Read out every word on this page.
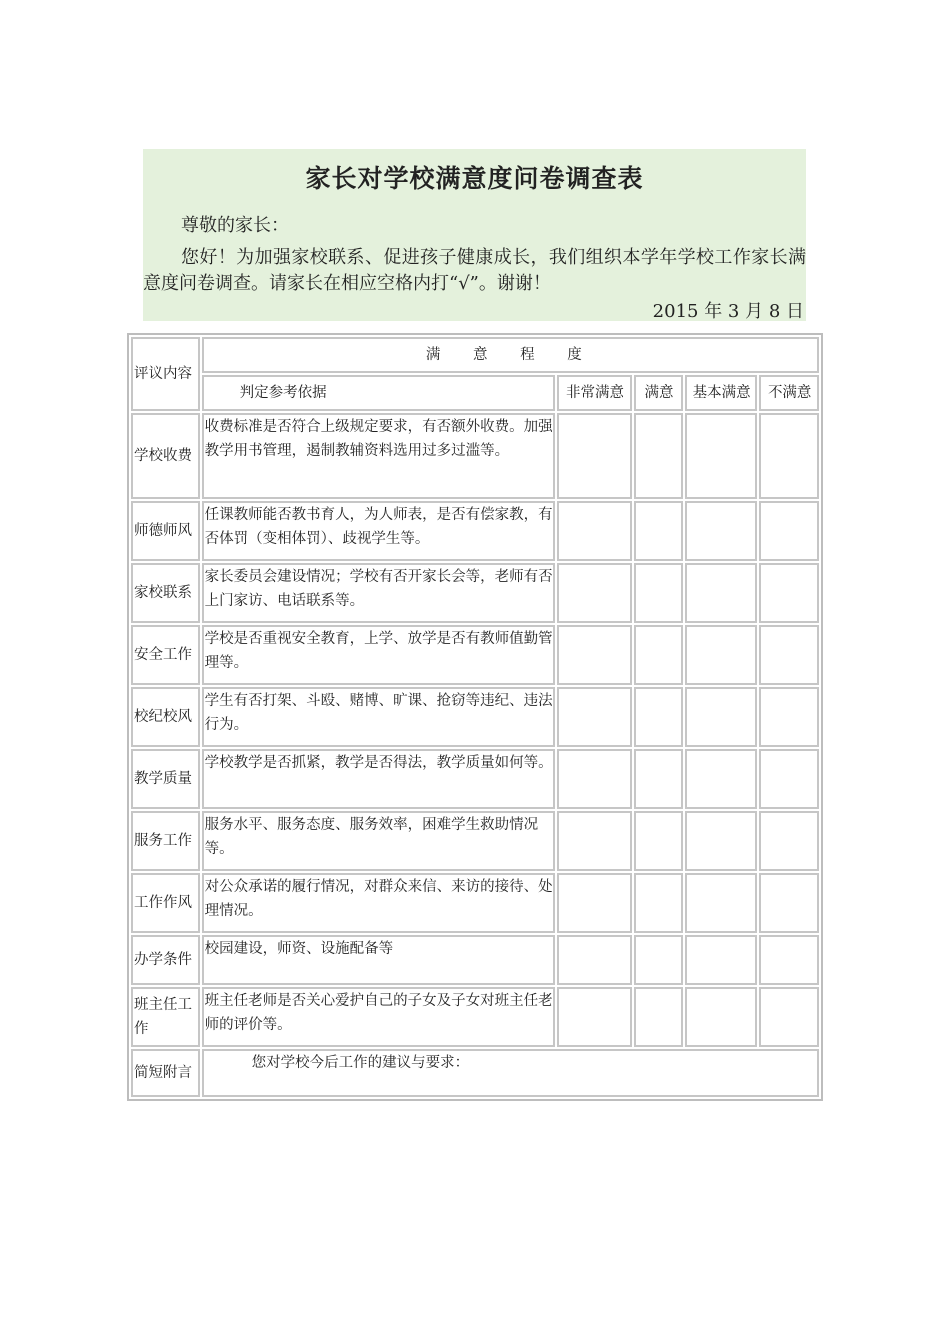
家长对学校满意度问卷调查表
尊敬的家长：
您好！为加强家校联系、促进孩子健康成长，我们组织本学年学校工作家长满意度问卷调查。请家长在相应空格内打“√”。谢谢！
2015 年 3 月 8 日
评议内容	满 意 程 度				
	判定参考依据	非常满意	满意	基本满意	不满意
学校收费	收费标准是否符合上级规定要求，有否额外收费。加强教学用书管理，遏制教辅资料选用过多过滥等。				
师德师风	任课教师能否教书育人，为人师表，是否有偿家教，有否体罚（变相体罚）、歧视学生等。				
家校联系	家长委员会建设情况；学校有否开家长会等，老师有否上门家访、电话联系等。				
安全工作	学校是否重视安全教育，上学、放学是否有教师值勤管理等。				
校纪校风	学生有否打架、斗殴、赌博、旷课、抢窃等违纪、违法行为。				
教学质量	学校教学是否抓紧，教学是否得法，教学质量如何等。				
服务工作	服务水平、服务态度、服务效率，困难学生救助情况等。				
工作作风	对公众承诺的履行情况，对群众来信、来访的接待、处理情况。				
办学条件	校园建设，师资、设施配备等				
班主任工作	班主任老师是否关心爱护自己的子女及子女对班主任老师的评价等。				
简短附言	您对学校今后工作的建议与要求：				
